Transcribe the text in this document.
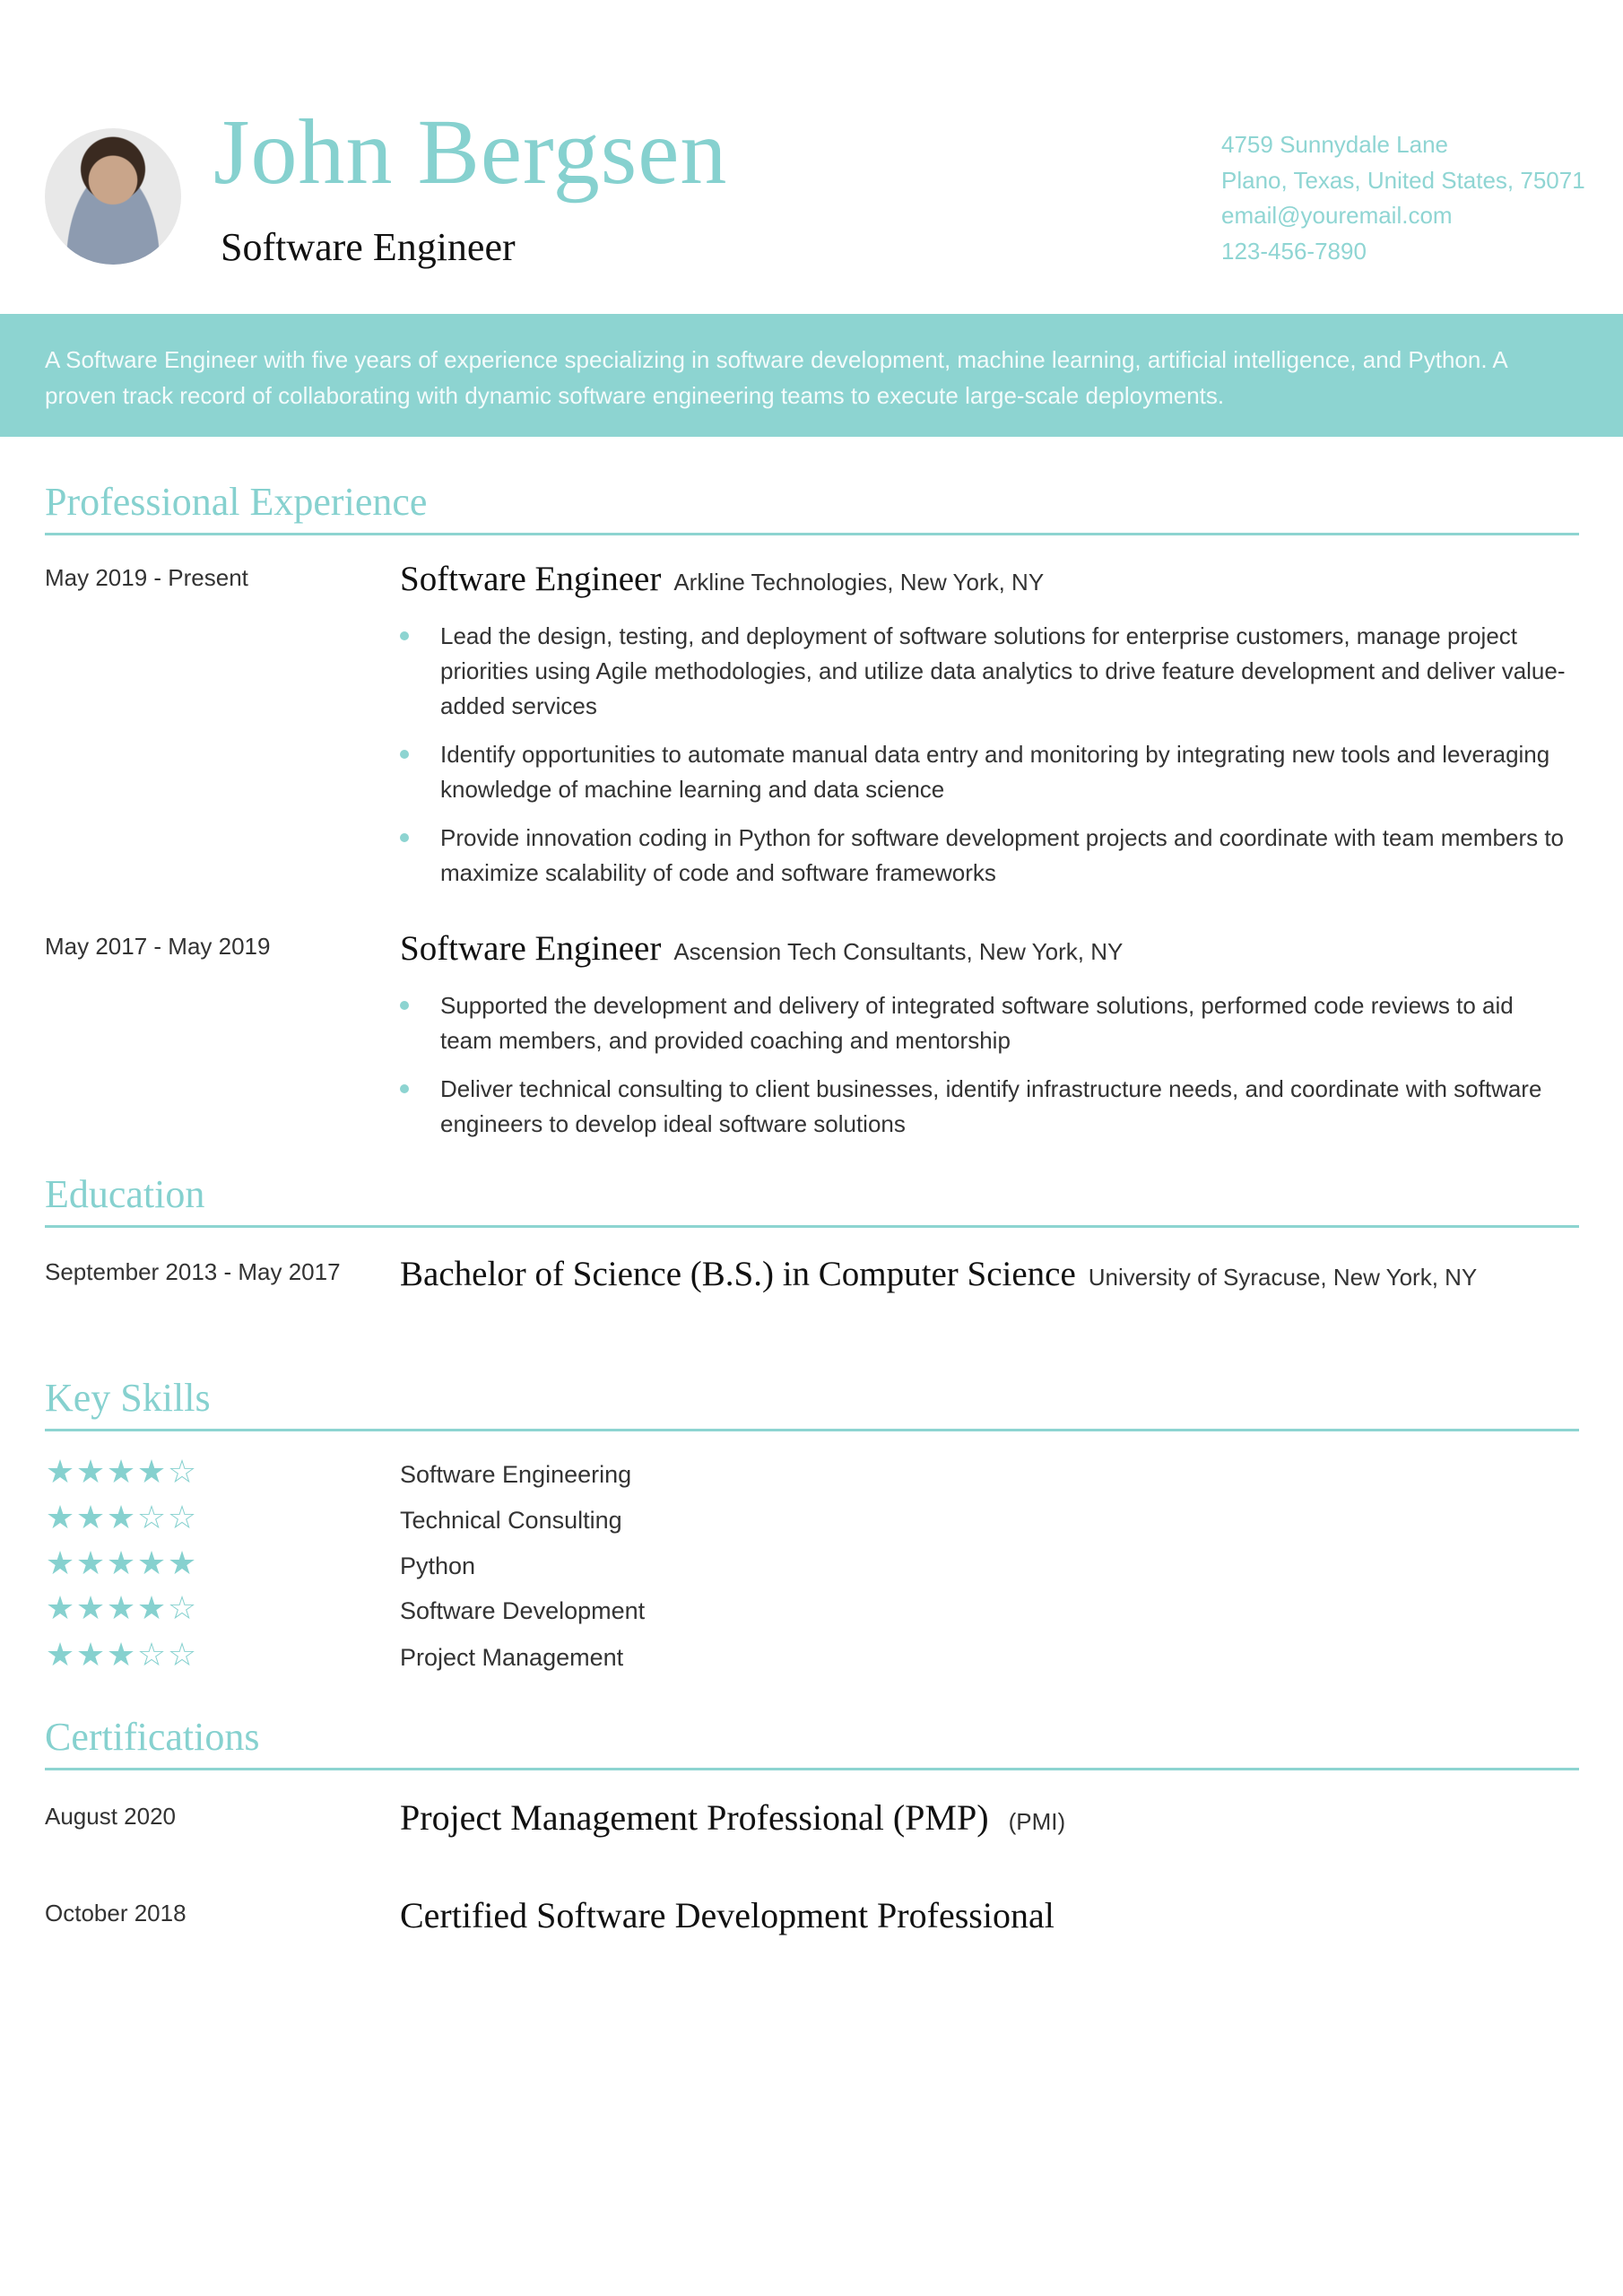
John Bergsen
Software Engineer
4759 Sunnydale Lane
Plano, Texas, United States, 75071
email@youremail.com
123-456-7890
A Software Engineer with five years of experience specializing in software development, machine learning, artificial intelligence, and Python. A proven track record of collaborating with dynamic software engineering teams to execute large-scale deployments.
Professional Experience
May 2019 - Present	Software Engineer Arkline Technologies, New York, NY
Lead the design, testing, and deployment of software solutions for enterprise customers, manage project priorities using Agile methodologies, and utilize data analytics to drive feature development and deliver value-added services
Identify opportunities to automate manual data entry and monitoring by integrating new tools and leveraging knowledge of machine learning and data science
Provide innovation coding in Python for software development projects and coordinate with team members to maximize scalability of code and software frameworks
May 2017 - May 2019	Software Engineer Ascension Tech Consultants, New York, NY
Supported the development and delivery of integrated software solutions, performed code reviews to aid team members, and provided coaching and mentorship
Deliver technical consulting to client businesses, identify infrastructure needs, and coordinate with software engineers to develop ideal software solutions
Education
September 2013 - May 2017 Bachelor of Science (B.S.) in Computer Science University of Syracuse, New York, NY
Key Skills
★★★★☆	Software Engineering
★★★☆☆	Technical Consulting
★★★★★	Python
★★★★☆	Software Development
★★★☆☆	Project Management
Certifications
August 2020	Project Management Professional (PMP) (PMI)
October 2018	Certified Software Development Professional
